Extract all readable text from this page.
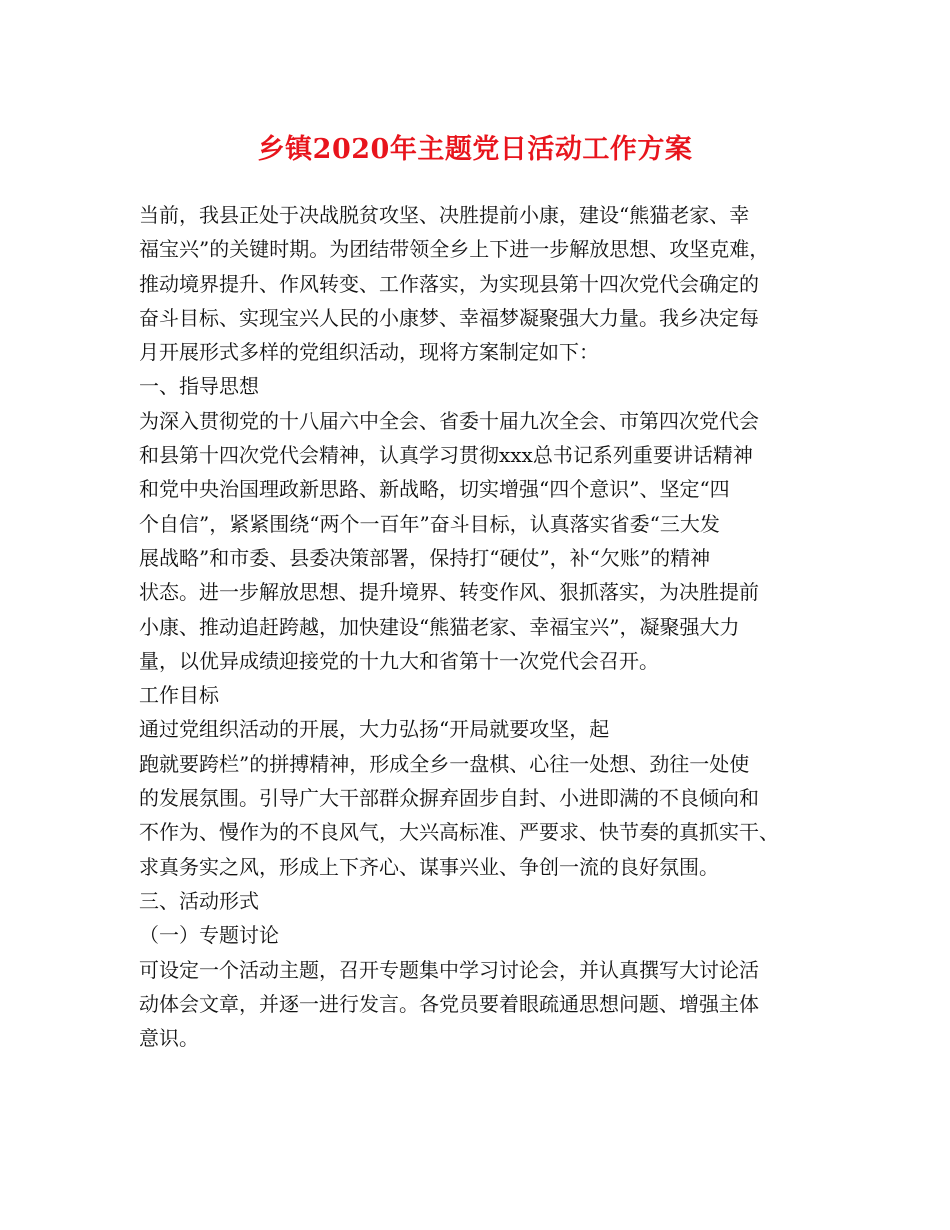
乡镇2020年主题党日活动工作方案
当前，我县正处于决战脱贫攻坚、决胜提前小康，建设“熊猫老家、幸
福宝兴”的关键时期。为团结带领全乡上下进一步解放思想、攻坚克难，
推动境界提升、作风转变、工作落实，为实现县第十四次党代会确定的
奋斗目标、实现宝兴人民的小康梦、幸福梦凝聚强大力量。我乡决定每
月开展形式多样的党组织活动，现将方案制定如下：
一、指导思想
为深入贯彻党的十八届六中全会、省委十届九次全会、市第四次党代会
和县第十四次党代会精神，认真学习贯彻xxx总书记系列重要讲话精神
和党中央治国理政新思路、新战略，切实增强“四个意识”、坚定“四
个自信”，紧紧围绕“两个一百年”奋斗目标，认真落实省委“三大发
展战略”和市委、县委决策部署，保持打“硬仗”，补“欠账”的精神
状态。进一步解放思想、提升境界、转变作风、狠抓落实，为决胜提前
小康、推动追赶跨越，加快建设“熊猫老家、幸福宝兴”，凝聚强大力
量，以优异成绩迎接党的十九大和省第十一次党代会召开。
工作目标
通过党组织活动的开展，大力弘扬“开局就要攻坚，起
跑就要跨栏”的拼搏精神，形成全乡一盘棋、心往一处想、劲往一处使
的发展氛围。引导广大干部群众摒弃固步自封、小进即满的不良倾向和
不作为、慢作为的不良风气，大兴高标准、严要求、快节奏的真抓实干、
求真务实之风，形成上下齐心、谋事兴业、争创一流的良好氛围。
三、活动形式
（一）专题讨论
可设定一个活动主题，召开专题集中学习讨论会，并认真撰写大讨论活
动体会文章，并逐一进行发言。各党员要着眼疏通思想问题、增强主体
意识。
